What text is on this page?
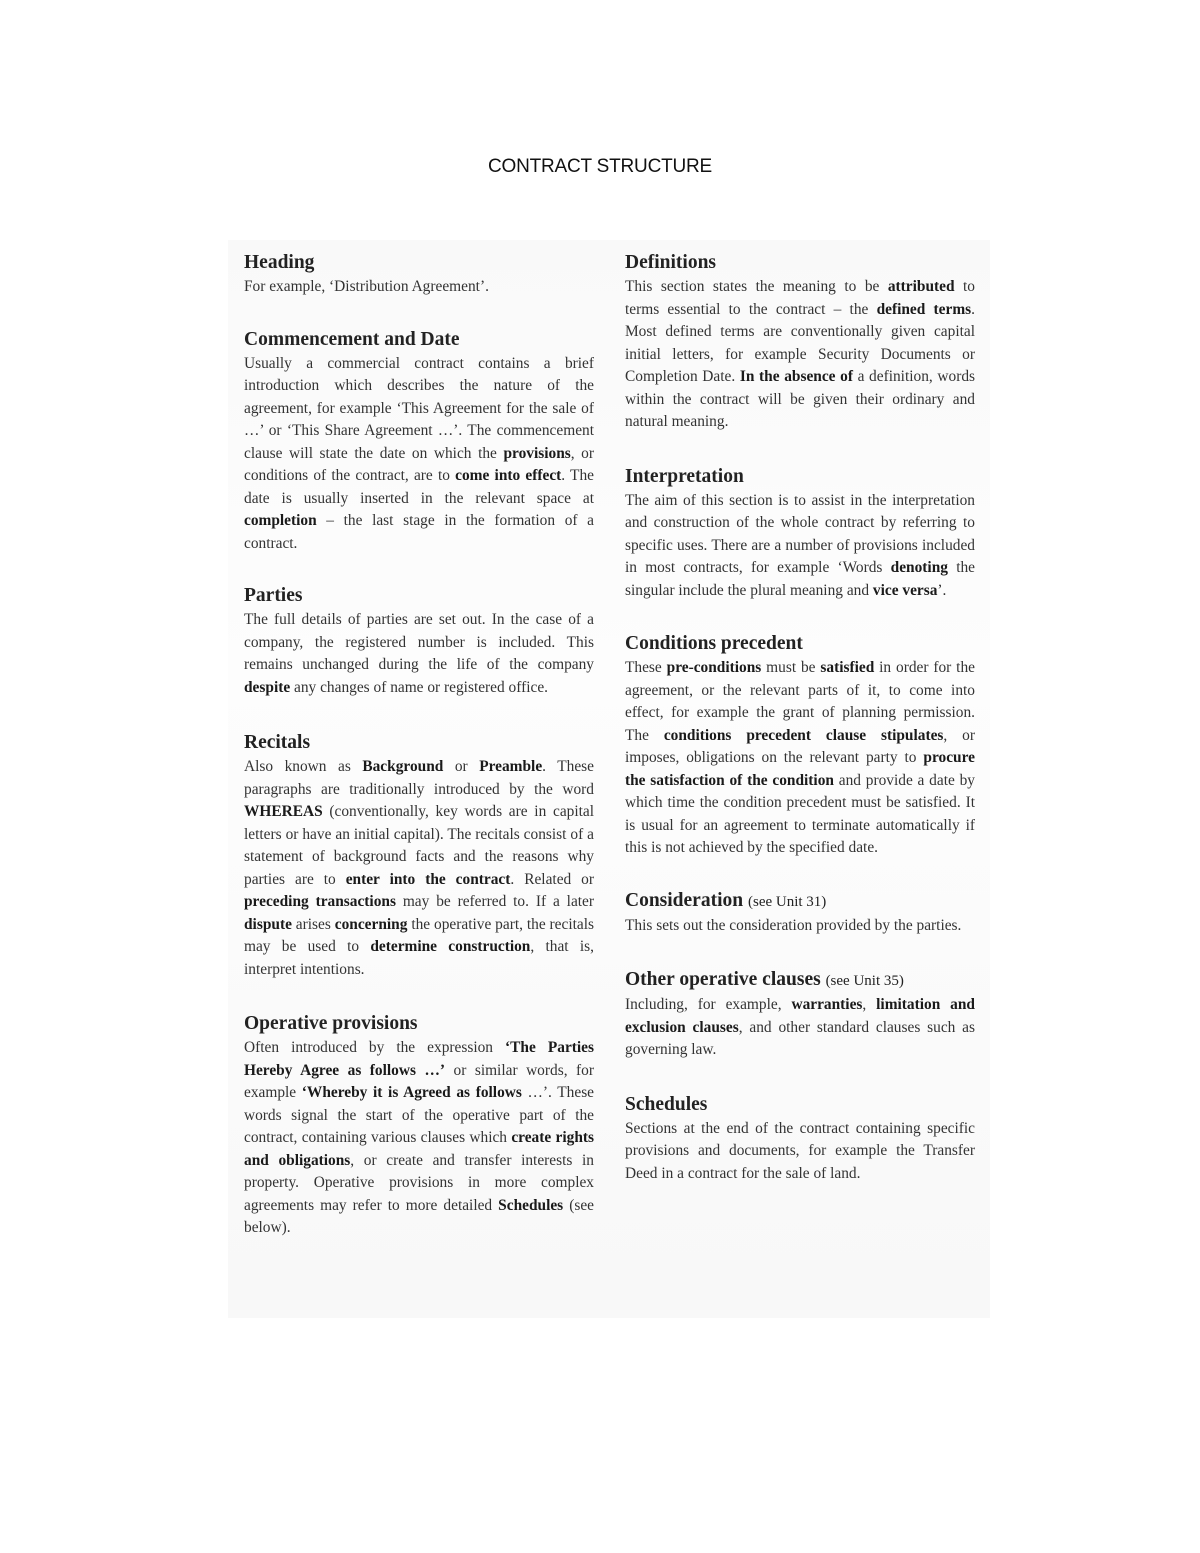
CONTRACT STRUCTURE
Heading

For example, ‘Distribution Agreement’.

Commencement and Date

Usually a commercial contract contains a brief introduction which describes the nature of the agreement, for example ‘This Agreement for the sale of …’ or ‘This Share Agreement …’. The commencement clause will state the date on which the provisions, or conditions of the contract, are to come into effect. The date is usually inserted in the relevant space at completion – the last stage in the formation of a contract.

Parties

The full details of parties are set out. In the case of a company, the registered number is included. This remains unchanged during the life of the company despite any changes of name or registered office.

Recitals

Also known as Background or Preamble. These paragraphs are traditionally introduced by the word WHEREAS (conventionally, key words are in capital letters or have an initial capital). The recitals consist of a statement of background facts and the reasons why parties are to enter into the contract. Related or preceding transactions may be referred to. If a later dispute arises concerning the operative part, the recitals may be used to determine construction, that is, interpret intentions.

Operative provisions

Often introduced by the expression ‘The Parties Hereby Agree as follows …’ or similar words, for example ‘Whereby it is Agreed as follows …’. These words signal the start of the operative part of the contract, containing various clauses which create rights and obligations, or create and transfer interests in property. Operative provisions in more complex agreements may refer to more detailed Schedules (see below).

Definitions

This section states the meaning to be attributed to terms essential to the contract – the defined terms. Most defined terms are conventionally given capital initial letters, for example Security Documents or Completion Date. In the absence of a definition, words within the contract will be given their ordinary and natural meaning.

Interpretation

The aim of this section is to assist in the interpretation and construction of the whole contract by referring to specific uses. There are a number of provisions included in most contracts, for example ‘Words denoting the singular include the plural meaning and vice versa’.

Conditions precedent

These pre-conditions must be satisfied in order for the agreement, or the relevant parts of it, to come into effect, for example the grant of planning permission. The conditions precedent clause stipulates, or imposes, obligations on the relevant party to procure the satisfaction of the condition and provide a date by which time the condition precedent must be satisfied. It is usual for an agreement to terminate automatically if this is not achieved by the specified date.

Consideration (see Unit 31)

This sets out the consideration provided by the parties.

Other operative clauses (see Unit 35)

Including, for example, warranties, limitation and exclusion clauses, and other standard clauses such as governing law.

Schedules

Sections at the end of the contract containing specific provisions and documents, for example the Transfer Deed in a contract for the sale of land.
